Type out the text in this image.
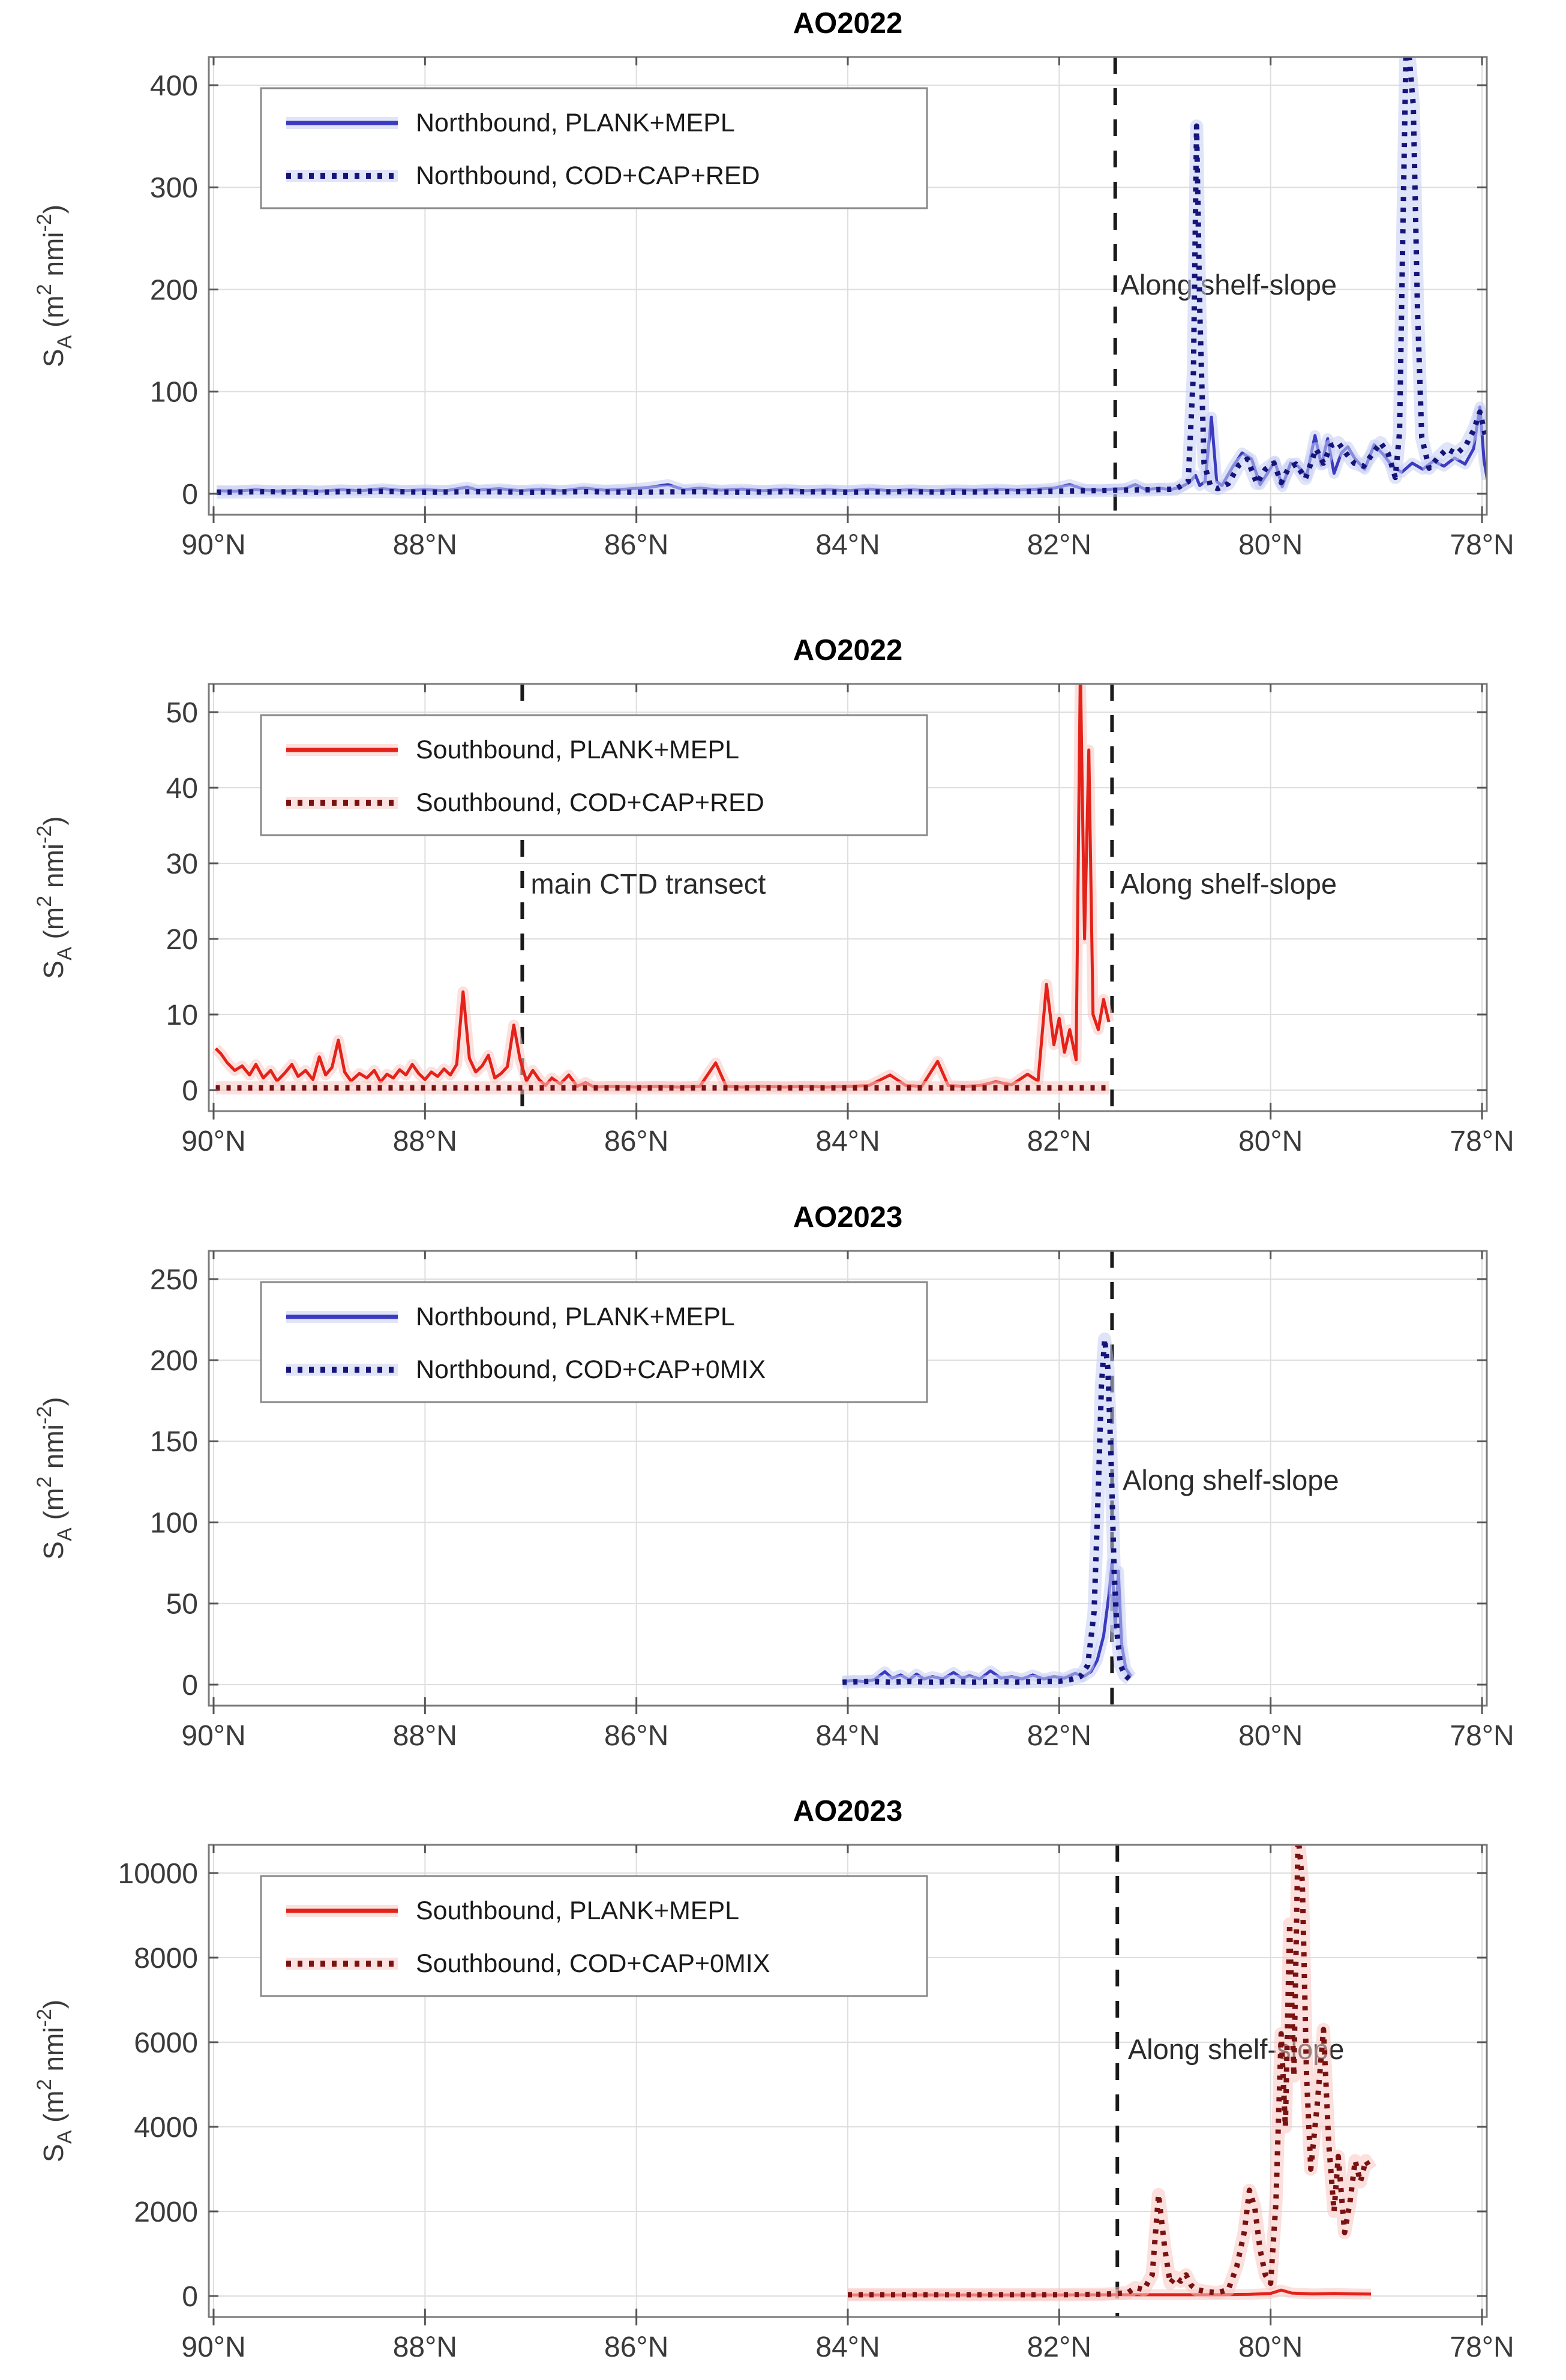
Along shelf-slope
90°N	88°N	86°N	84°N	82°N	80°N	78°N
0
100
200
300
400
AO2022
$S_A$ ($m^2$ nmi$^{-2}$)
Northbound, PLANK+MEPL
Northbound, COD+CAP+RED
main CTD transect	Along shelf-slope
90°N	88°N	86°N	84°N	82°N	80°N	78°N
0
10
20
30
40
50
AO2022
$S_A$ ($m^2$ nmi$^{-2}$)
Southbound, PLANK+MEPL
Southbound, COD+CAP+RED
Along shelf-slope
90°N	88°N	86°N	84°N	82°N	80°N	78°N
0
50
100
150
200
250
AO2023
$S_A$ ($m^2$ nmi$^{-2}$)
Northbound, PLANK+MEPL
Northbound, COD+CAP+0MIX
Along shelf-slope
90°N	88°N	86°N	84°N	82°N	80°N	78°N
0
2000
4000
6000
8000
10000
AO2023
$S_A$ ($m^2$ nmi$^{-2}$)
Southbound, PLANK+MEPL
Southbound, COD+CAP+0MIX
